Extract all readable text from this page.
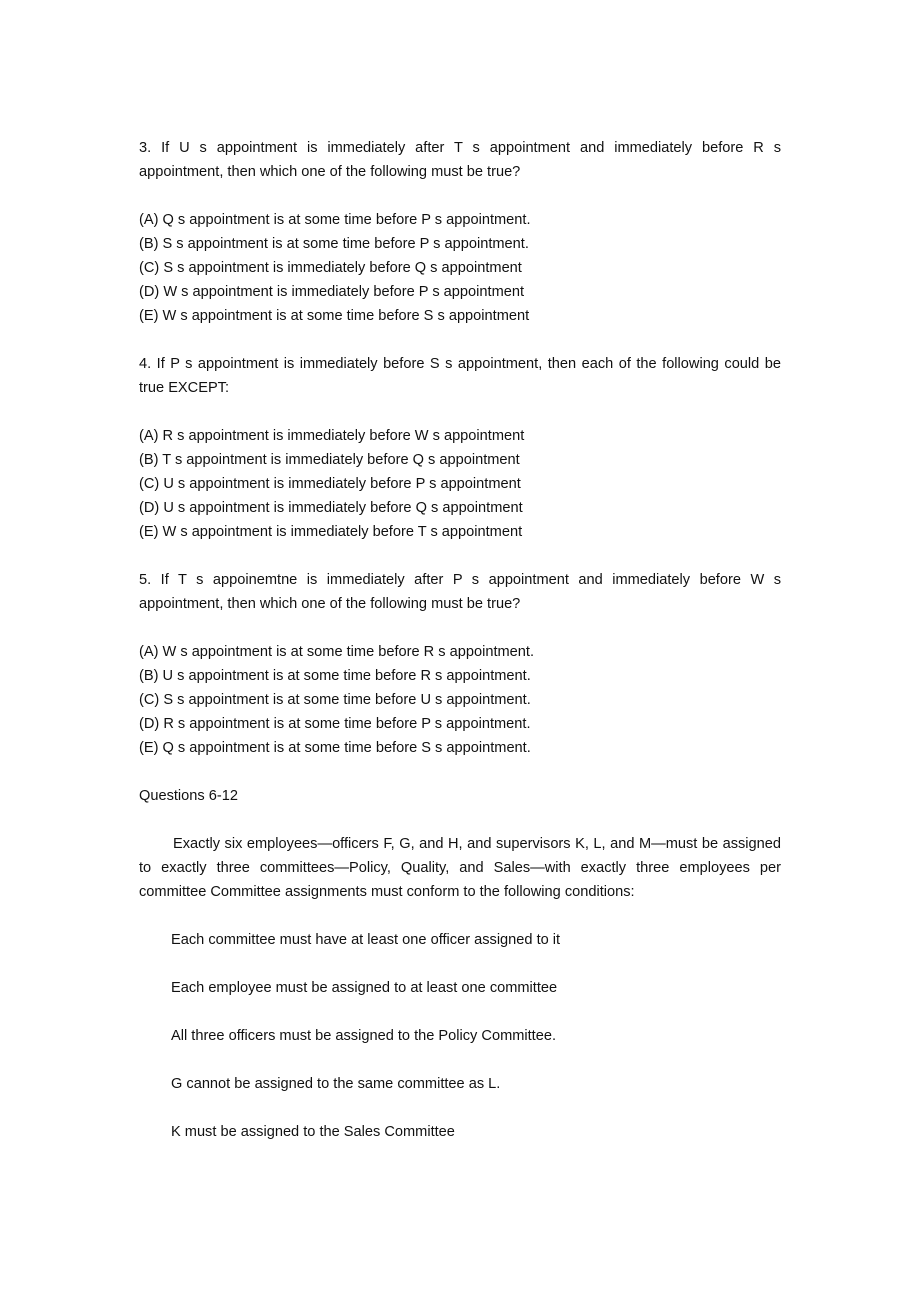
3. If U s appointment is immediately after T s appointment and immediately before R s appointment, then which one of the following must be true?

(A) Q s appointment is at some time before P s appointment.

(B) S s appointment is at some time before P s appointment.

(C) S s appointment is immediately before Q s appointment

(D) W s appointment is immediately before P s appointment

(E) W s appointment is at some time before S s appointment

4. If P s appointment is immediately before S s appointment, then each of the following could be true EXCEPT:

(A) R s appointment is immediately before W s appointment

(B) T s appointment is immediately before Q s appointment

(C) U s appointment is immediately before P s appointment

(D) U s appointment is immediately before Q s appointment

(E) W s appointment is immediately before T s appointment

5. If T s appoinemtne is immediately after P s appointment and immediately before W s appointment, then which one of the following must be true?

(A) W s appointment is at some time before R s appointment.

(B) U s appointment is at some time before R s appointment.

(C) S s appointment is at some time before U s appointment.

(D) R s appointment is at some time before P s appointment.

(E) Q s appointment is at some time before S s appointment.

Questions 6-12

Exactly six employees—officers F, G, and H, and supervisors K, L, and M—must be assigned to exactly three committees—Policy, Quality, and Sales—with exactly three employees per committee Committee assignments must conform to the following conditions:

Each committee must have at least one officer assigned to it

Each employee must be assigned to at least one committee

All three officers must be assigned to the Policy Committee.

G cannot be assigned to the same committee as L.

K must be assigned to the Sales Committee
